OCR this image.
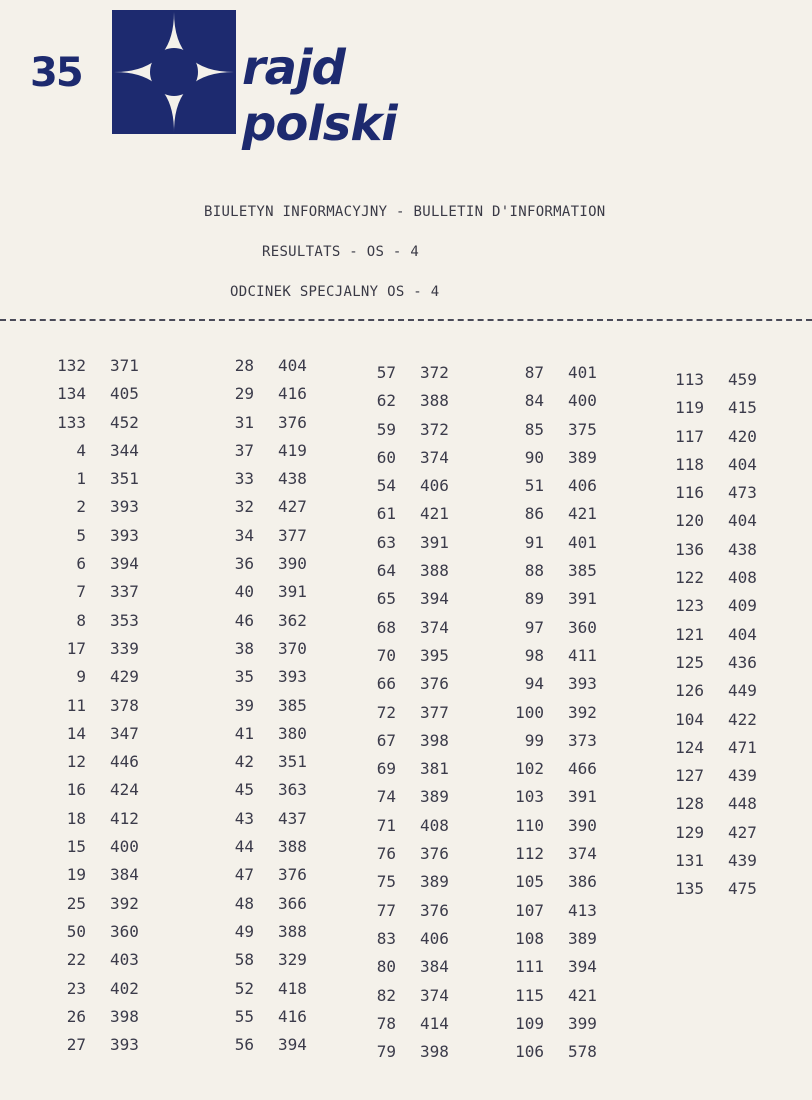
35	rajd polski
BIULETYN INFORMACYJNY - BULLETIN D'INFORMATION
RESULTATS - OS - 4
ODCINEK SPECJALNY OS - 4
132 371
134 405
133 452
4 344
1 351
2 393
5 393
6 394
7 337
8 353
17 339
9 429
11 378
14 347
12 446
16 424
18 412
15 400
19 384
25 392
50 360
22 403
23 402
26 398
27 393
28 404
29 416
31 376
37 419
33 438
32 427
34 377
36 390
40 391
46 362
38 370
35 393
39 385
41 380
42 351
45 363
43 437
44 388
47 376
48 366
49 388
58 329
52 418
55 416
56 394
57 372
62 388
59 372
60 374
54 406
61 421
63 391
64 388
65 394
68 374
70 395
66 376
72 377
67 398
69 381
74 389
71 408
76 376
75 389
77 376
83 406
80 384
82 374
78 414
79 398
87 401
84 400
85 375
90 389
51 406
86 421
91 401
88 385
89 391
97 360
98 411
94 393
100 392
99 373
102 466
103 391
110 390
112 374
105 386
107 413
108 389
111 394
115 421
109 399
106 578
113 459
119 415
117 420
118 404
116 473
120 404
136 438
122 408
123 409
121 404
125 436
126 449
104 422
124 471
127 439
128 448
129 427
131 439
135 475
